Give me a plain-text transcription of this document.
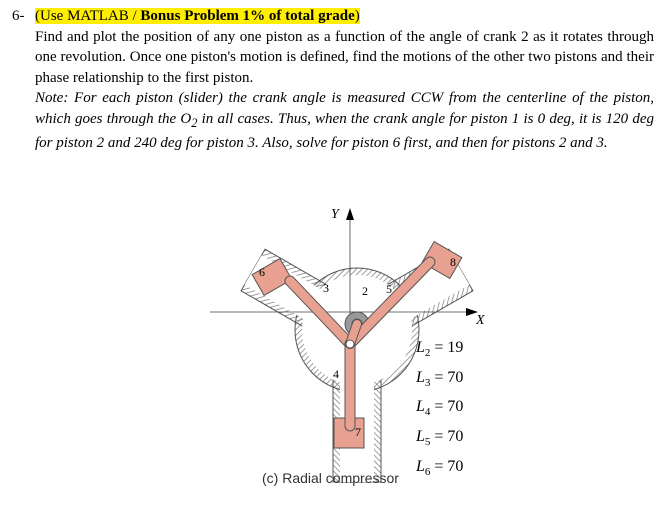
6- (Use MATLAB / Bonus Problem 1% of total grade)

Find and plot the position of any one piston as a function of the angle of crank 2 as it rotates through one revolution. Once one piston's motion is defined, find the motions of the other two pistons and their phase relationship to the first piston.

Note: For each piston (slider) the crank angle is measured CCW from the centerline of the piston, which goes through the $O_2$ in all cases. Thus, when the crank angle for piston 1 is 0 deg, it is 120 deg for piston 2 and 240 deg for piston 3. Also, solve for piston 6 first, and then for pistons 2 and 3.

X
Y
3	2 5
4
6
8
7
$L_2 = 19$
$L_3 = 70$
$L_4 = 70$
$L_5 = 70$
$L_6 = 70$
(c) Radial compressor
